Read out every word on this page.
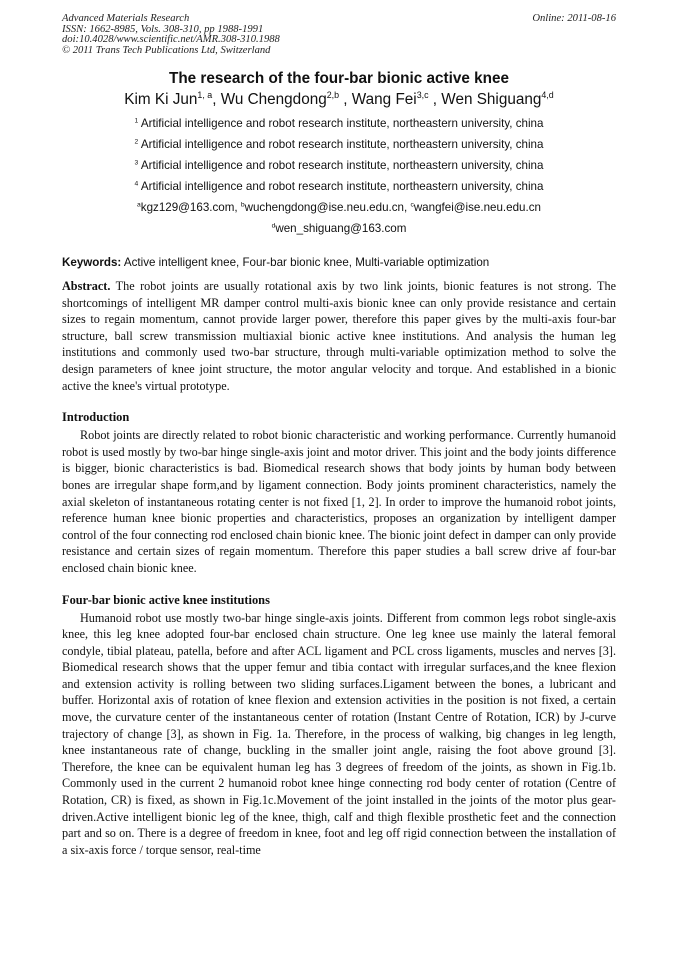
Advanced Materials Research
ISSN: 1662-8985, Vols. 308-310, pp 1988-1991
doi:10.4028/www.scientific.net/AMR.308-310.1988
© 2011 Trans Tech Publications Ltd, Switzerland
Online: 2011-08-16
The research of the four-bar bionic active knee
Kim Ki Jun$^{1, a}$, Wu Chengdong$^{2,b}$ , Wang Fei$^{3,c}$ , Wen Shiguang$^{4,d}$
$^1$ Artificial intelligence and robot research institute, northeastern university, china
$^2$ Artificial intelligence and robot research institute, northeastern university, china
$^3$ Artificial intelligence and robot research institute, northeastern university, china
$^4$ Artificial intelligence and robot research institute, northeastern university, china
$^a$kgz129@163.com, $^b$wuchengdong@ise.neu.edu.cn, $^c$wangfei@ise.neu.edu.cn
$^d$wen_shiguang@163.com
Keywords: Active intelligent knee, Four-bar bionic knee, Multi-variable optimization

Abstract. The robot joints are usually rotational axis by two link joints, bionic features is not strong. The shortcomings of intelligent MR damper control multi-axis bionic knee can only provide resistance and certain sizes to regain momentum, cannot provide larger power, therefore this paper gives by the multi-axis four-bar structure, ball screw transmission multiaxial bionic active knee institutions. And analysis the human leg institutions and commonly used two-bar structure, through multi-variable optimization method to solve the design parameters of knee joint structure, the motor angular velocity and torque. And established in a bionic active the knee's virtual prototype.

Introduction

Robot joints are directly related to robot bionic characteristic and working performance. Currently humanoid robot is used mostly by two-bar hinge single-axis joint and motor driver. This joint and the body joints difference is bigger, bionic characteristics is bad. Biomedical research shows that body joints by human body between bones are irregular shape form,and by ligament connection. Body joints prominent characteristics, namely the axial skeleton of instantaneous rotating center is not fixed [1, 2]. In order to improve the humanoid robot joints, reference human knee bionic properties and characteristics, proposes an organization by intelligent damper control of the four connecting rod enclosed chain bionic knee. The bionic joint defect in damper can only provide resistance and certain sizes of regain momentum. Therefore this paper studies a ball screw drive af four-bar enclosed chain bionic knee.

Four-bar bionic active knee institutions

Humanoid robot use mostly two-bar hinge single-axis joints. Different from common legs robot single-axis knee, this leg knee adopted four-bar enclosed chain structure. One leg knee use mainly the lateral femoral condyle, tibial plateau, patella, before and after ACL ligament and PCL cross ligaments, muscles and nerves [3]. Biomedical research shows that the upper femur and tibia contact with irregular surfaces,and the knee flexion and extension activity is rolling between two sliding surfaces.Ligament between the bones, a lubricant and buffer. Horizontal axis of rotation of knee flexion and extension activities in the position is not fixed, a certain move, the curvature center of the instantaneous center of rotation (Instant Centre of Rotation, ICR) by J-curve trajectory of change [3], as shown in Fig. 1a. Therefore, in the process of walking, big changes in leg length, knee instantaneous rate of change, buckling in the smaller joint angle, raising the foot above ground [3]. Therefore, the knee can be equivalent human leg has 3 degrees of freedom of the joints, as shown in Fig.1b. Commonly used in the current 2 humanoid robot knee hinge connecting rod body center of rotation (Centre of Rotation, CR) is fixed, as shown in Fig.1c.Movement of the joint installed in the joints of the motor plus gear-driven.Active intelligent bionic leg of the knee, thigh, calf and thigh flexible prosthetic feet and the connection part and so on. There is a degree of freedom in knee, foot and leg off rigid connection between the installation of a six-axis force / torque sensor, real-time
